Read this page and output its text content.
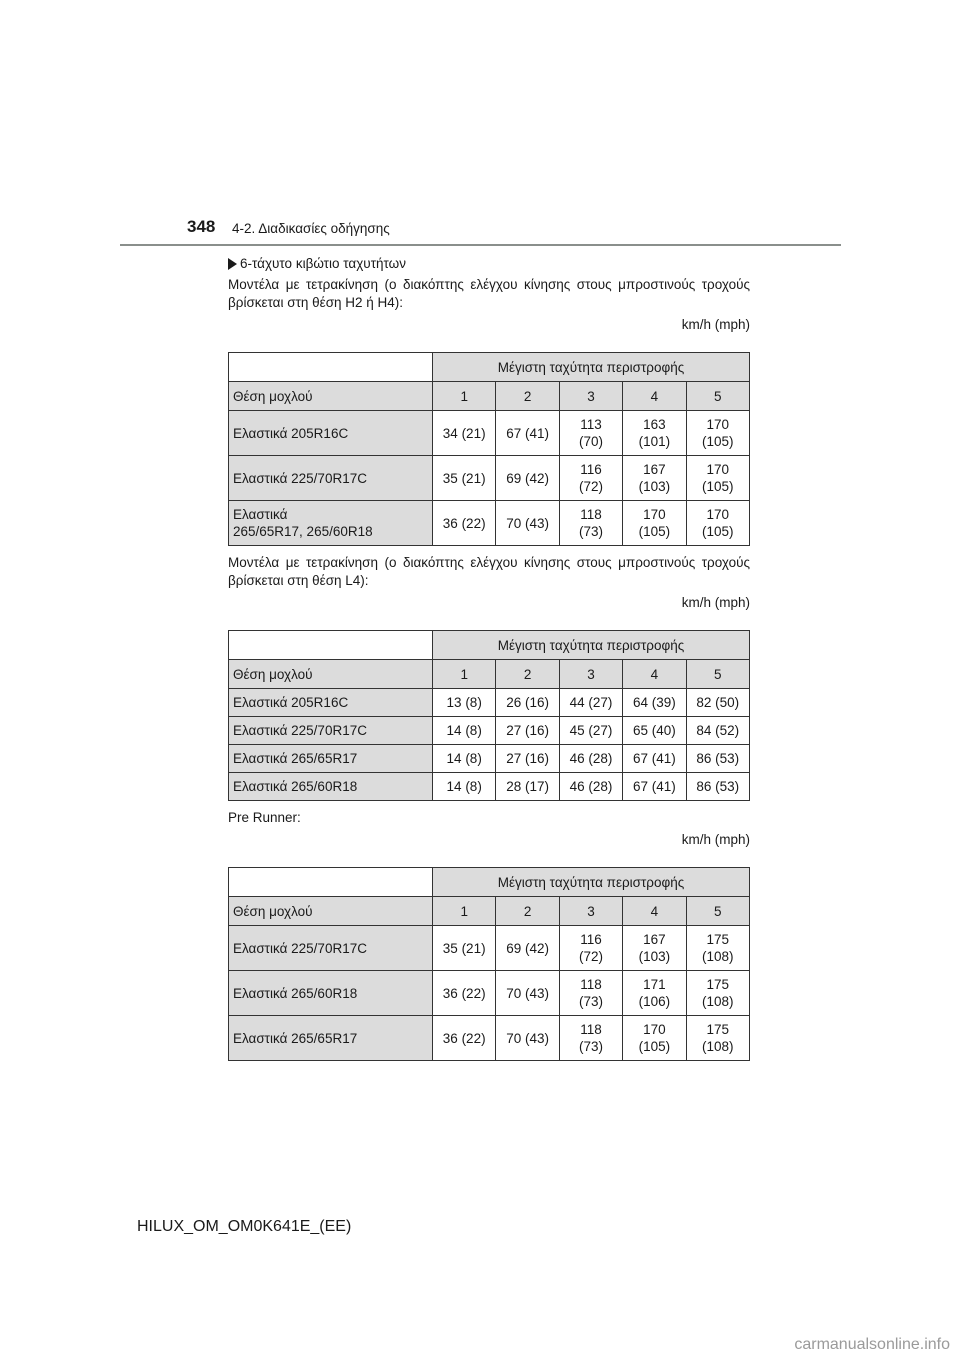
348 4-2. Διαδικασίες οδήγησης
6-τάχυτο κιβώτιο ταχυτήτων

Μοντέλα με τετρακίνηση (ο διακόπτης ελέγχου κίνησης στους μπροστινούς τροχούς βρίσκεται στη θέση H2 ή H4):

km/h (mph)
	Μέγιστη ταχύτητα περιστροφής				
Θέση μοχλού	1	2	3	4	5
Ελαστικά 205R16C	34 (21)	67 (41)	113
(70)	163
(101)	170
(105)
Ελαστικά 225/70R17C	35 (21)	69 (42)	116
(72)	167
(103)	170
(105)
Ελαστικά
265/65R17, 265/60R18	36 (22)	70 (43)	118
(73)	170
(105)	170
(105)

Μοντέλα με τετρακίνηση (ο διακόπτης ελέγχου κίνησης στους μπροστινούς τροχούς βρίσκεται στη θέση L4):

km/h (mph)
	Μέγιστη ταχύτητα περιστροφής				
Θέση μοχλού	1	2	3	4	5
Ελαστικά 205R16C	13 (8)	26 (16)	44 (27)	64 (39)	82 (50)
Ελαστικά 225/70R17C	14 (8)	27 (16)	45 (27)	65 (40)	84 (52)
Ελαστικά 265/65R17	14 (8)	27 (16)	46 (28)	67 (41)	86 (53)
Ελαστικά 265/60R18	14 (8)	28 (17)	46 (28)	67 (41)	86 (53)

Pre Runner:

km/h (mph)
	Μέγιστη ταχύτητα περιστροφής				
Θέση μοχλού	1	2	3	4	5
Ελαστικά 225/70R17C	35 (21)	69 (42)	116
(72)	167
(103)	175
(108)
Ελαστικά 265/60R18	36 (22)	70 (43)	118
(73)	171
(106)	175
(108)
Ελαστικά 265/65R17	36 (22)	70 (43)	118
(73)	170
(105)	175
(108)
HILUX_OM_OM0K641E_(EE)
carmanualsonline.info
